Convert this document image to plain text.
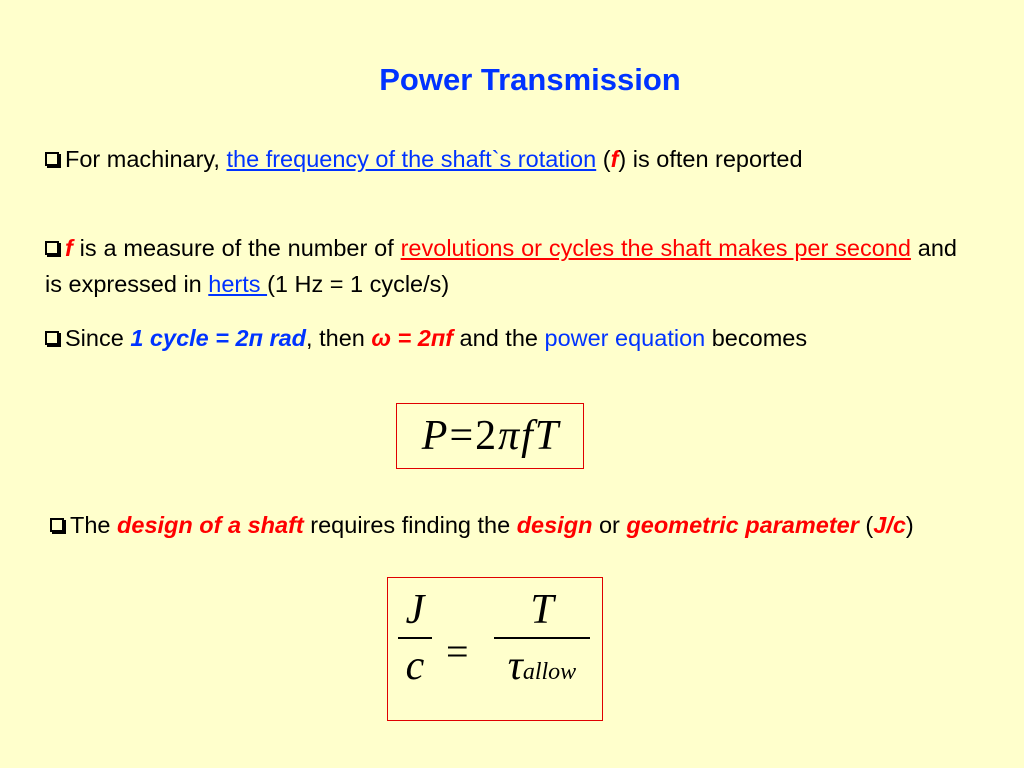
Power Transmission
For machinary, the frequency of the shaft`s rotation (f) is often reported
f is a measure of the number of revolutions or cycles the shaft makes per second and is expressed in herts (1 Hz = 1 cycle/s)
Since 1 cycle = 2п rad, then ω = 2пf and the power equation becomes
P = 2 π f T
The design of a shaft requires finding the design or geometric parameter (J/c)
J
c =
T
τallow
